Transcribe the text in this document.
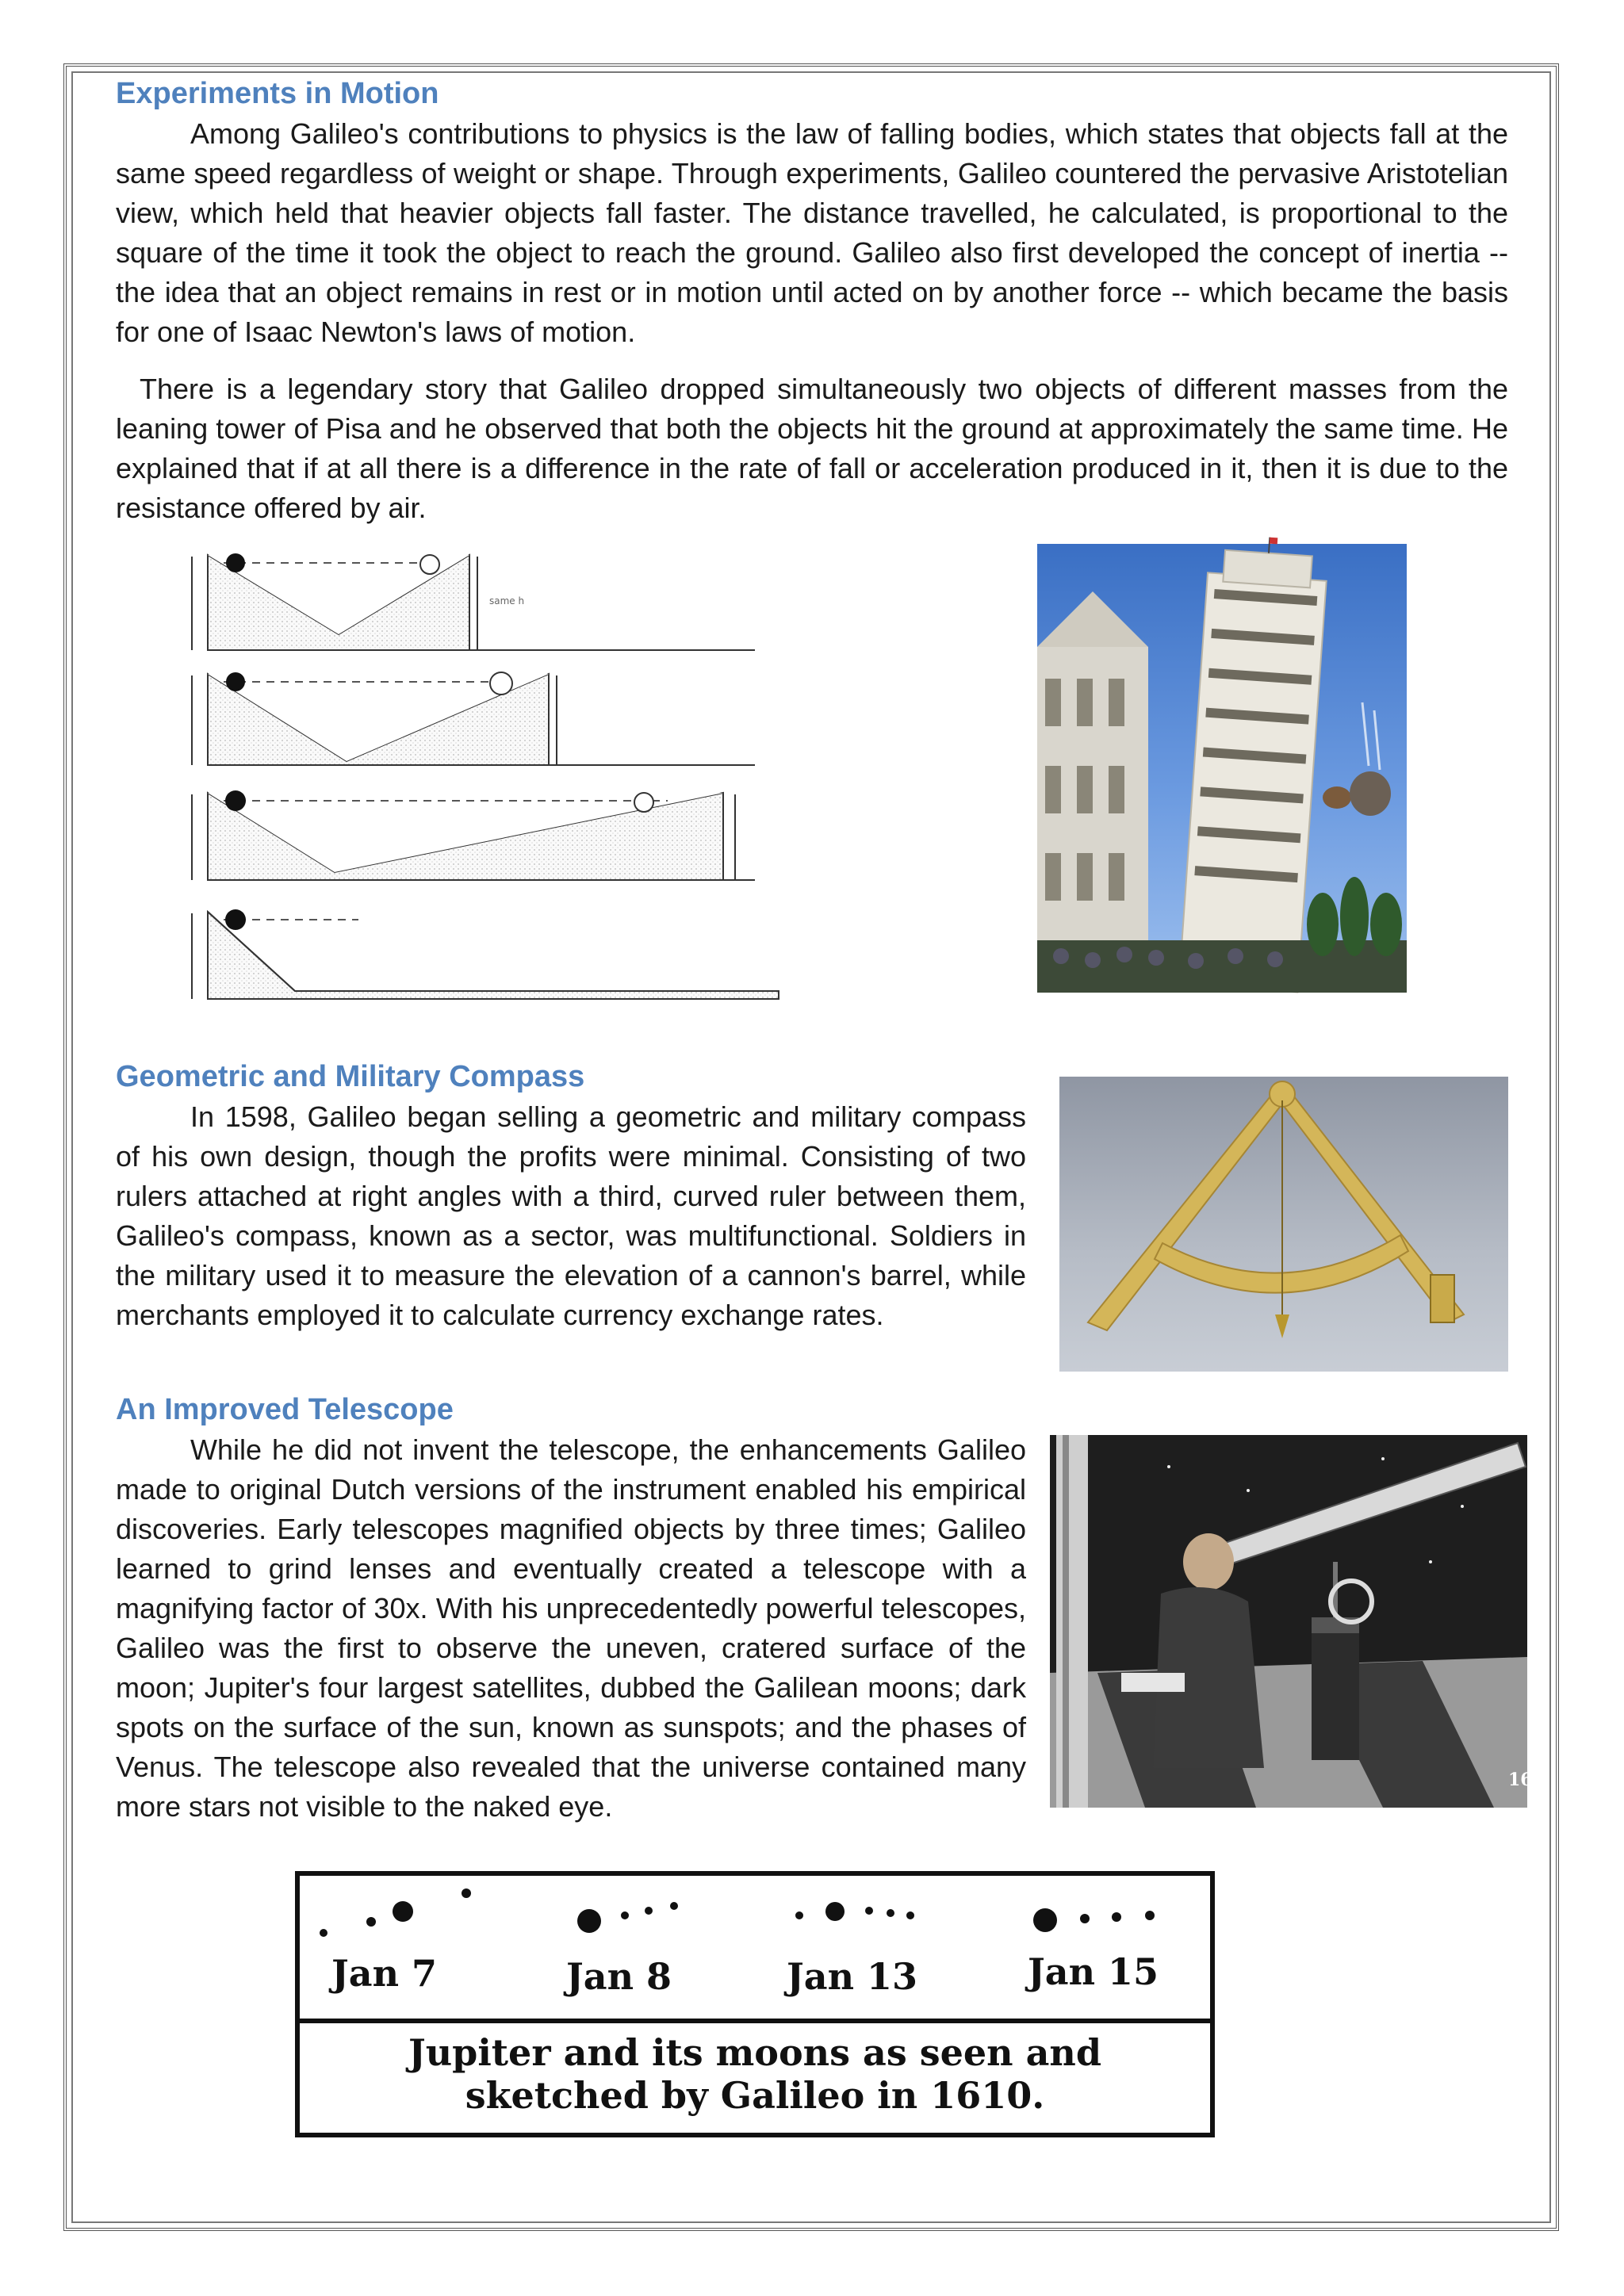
Experiments in Motion

Among Galileo's contributions to physics is the law of falling bodies, which states that objects fall at the same speed regardless of weight or shape. Through experiments, Galileo countered the pervasive Aristotelian view, which held that heavier objects fall faster. The distance travelled, he calculated, is proportional to the square of the time it took the object to reach the ground. Galileo also first developed the concept of inertia -- the idea that an object remains in rest or in motion until acted on by another force -- which became the basis for one of Isaac Newton's laws of motion.

There is a legendary story that Galileo dropped simultaneously two objects of different masses from the leaning tower of Pisa and he observed that both the objects hit the ground at approximately the same time. He explained that if at all there is a difference in the rate of fall or acceleration produced in it, then it is due to the resistance offered by air.

same h
Geometric and Military Compass

In 1598, Galileo began selling a geometric and military compass of his own design, though the profits were minimal. Consisting of two rulers attached at right angles with a third, curved ruler between them, Galileo's compass, known as a sector, was multifunctional. Soldiers in the military used it to measure the elevation of a cannon's barrel, while merchants employed it to calculate currency exchange rates.

An Improved Telescope

While he did not invent the telescope, the enhancements Galileo made to original Dutch versions of the instrument enabled his empirical discoveries. Early telescopes magnified objects by three times; Galileo learned to grind lenses and eventually created a telescope with a magnifying factor of 30x. With his unprecedentedly powerful telescopes, Galileo was the first to observe the uneven, cratered surface of the moon; Jupiter's four largest satellites, dubbed the Galilean moons; dark spots on the surface of the sun, known as sunspots; and the phases of Venus. The telescope also revealed that the universe contained many more stars not visible to the naked eye.

16
Jan 7	Jan 8	Jan 13	Jan 15
Jupiter and its moons as seen and
sketched by Galileo in 1610.
